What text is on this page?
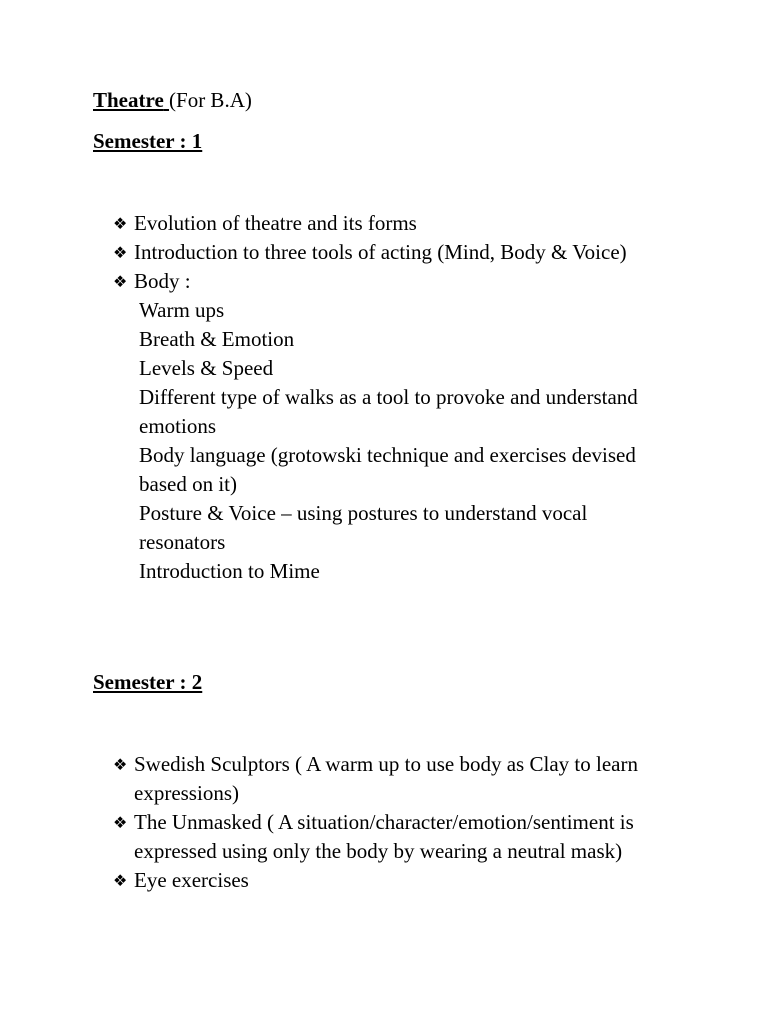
Theatre (For B.A)
Semester : 1
❖ Evolution of theatre and its forms
❖ Introduction to three tools of acting (Mind, Body & Voice)
❖ Body :
Warm ups
Breath & Emotion
Levels & Speed
Different type of walks as a tool to provoke and understand emotions
Body language (grotowski technique and exercises devised based on it)
Posture & Voice – using postures to understand vocal resonators
Introduction to Mime
Semester : 2
❖ Swedish Sculptors ( A warm up to use body as Clay to learn expressions)
❖ The Unmasked ( A situation/character/emotion/sentiment is expressed using only the body by wearing a neutral mask)
❖ Eye exercises
